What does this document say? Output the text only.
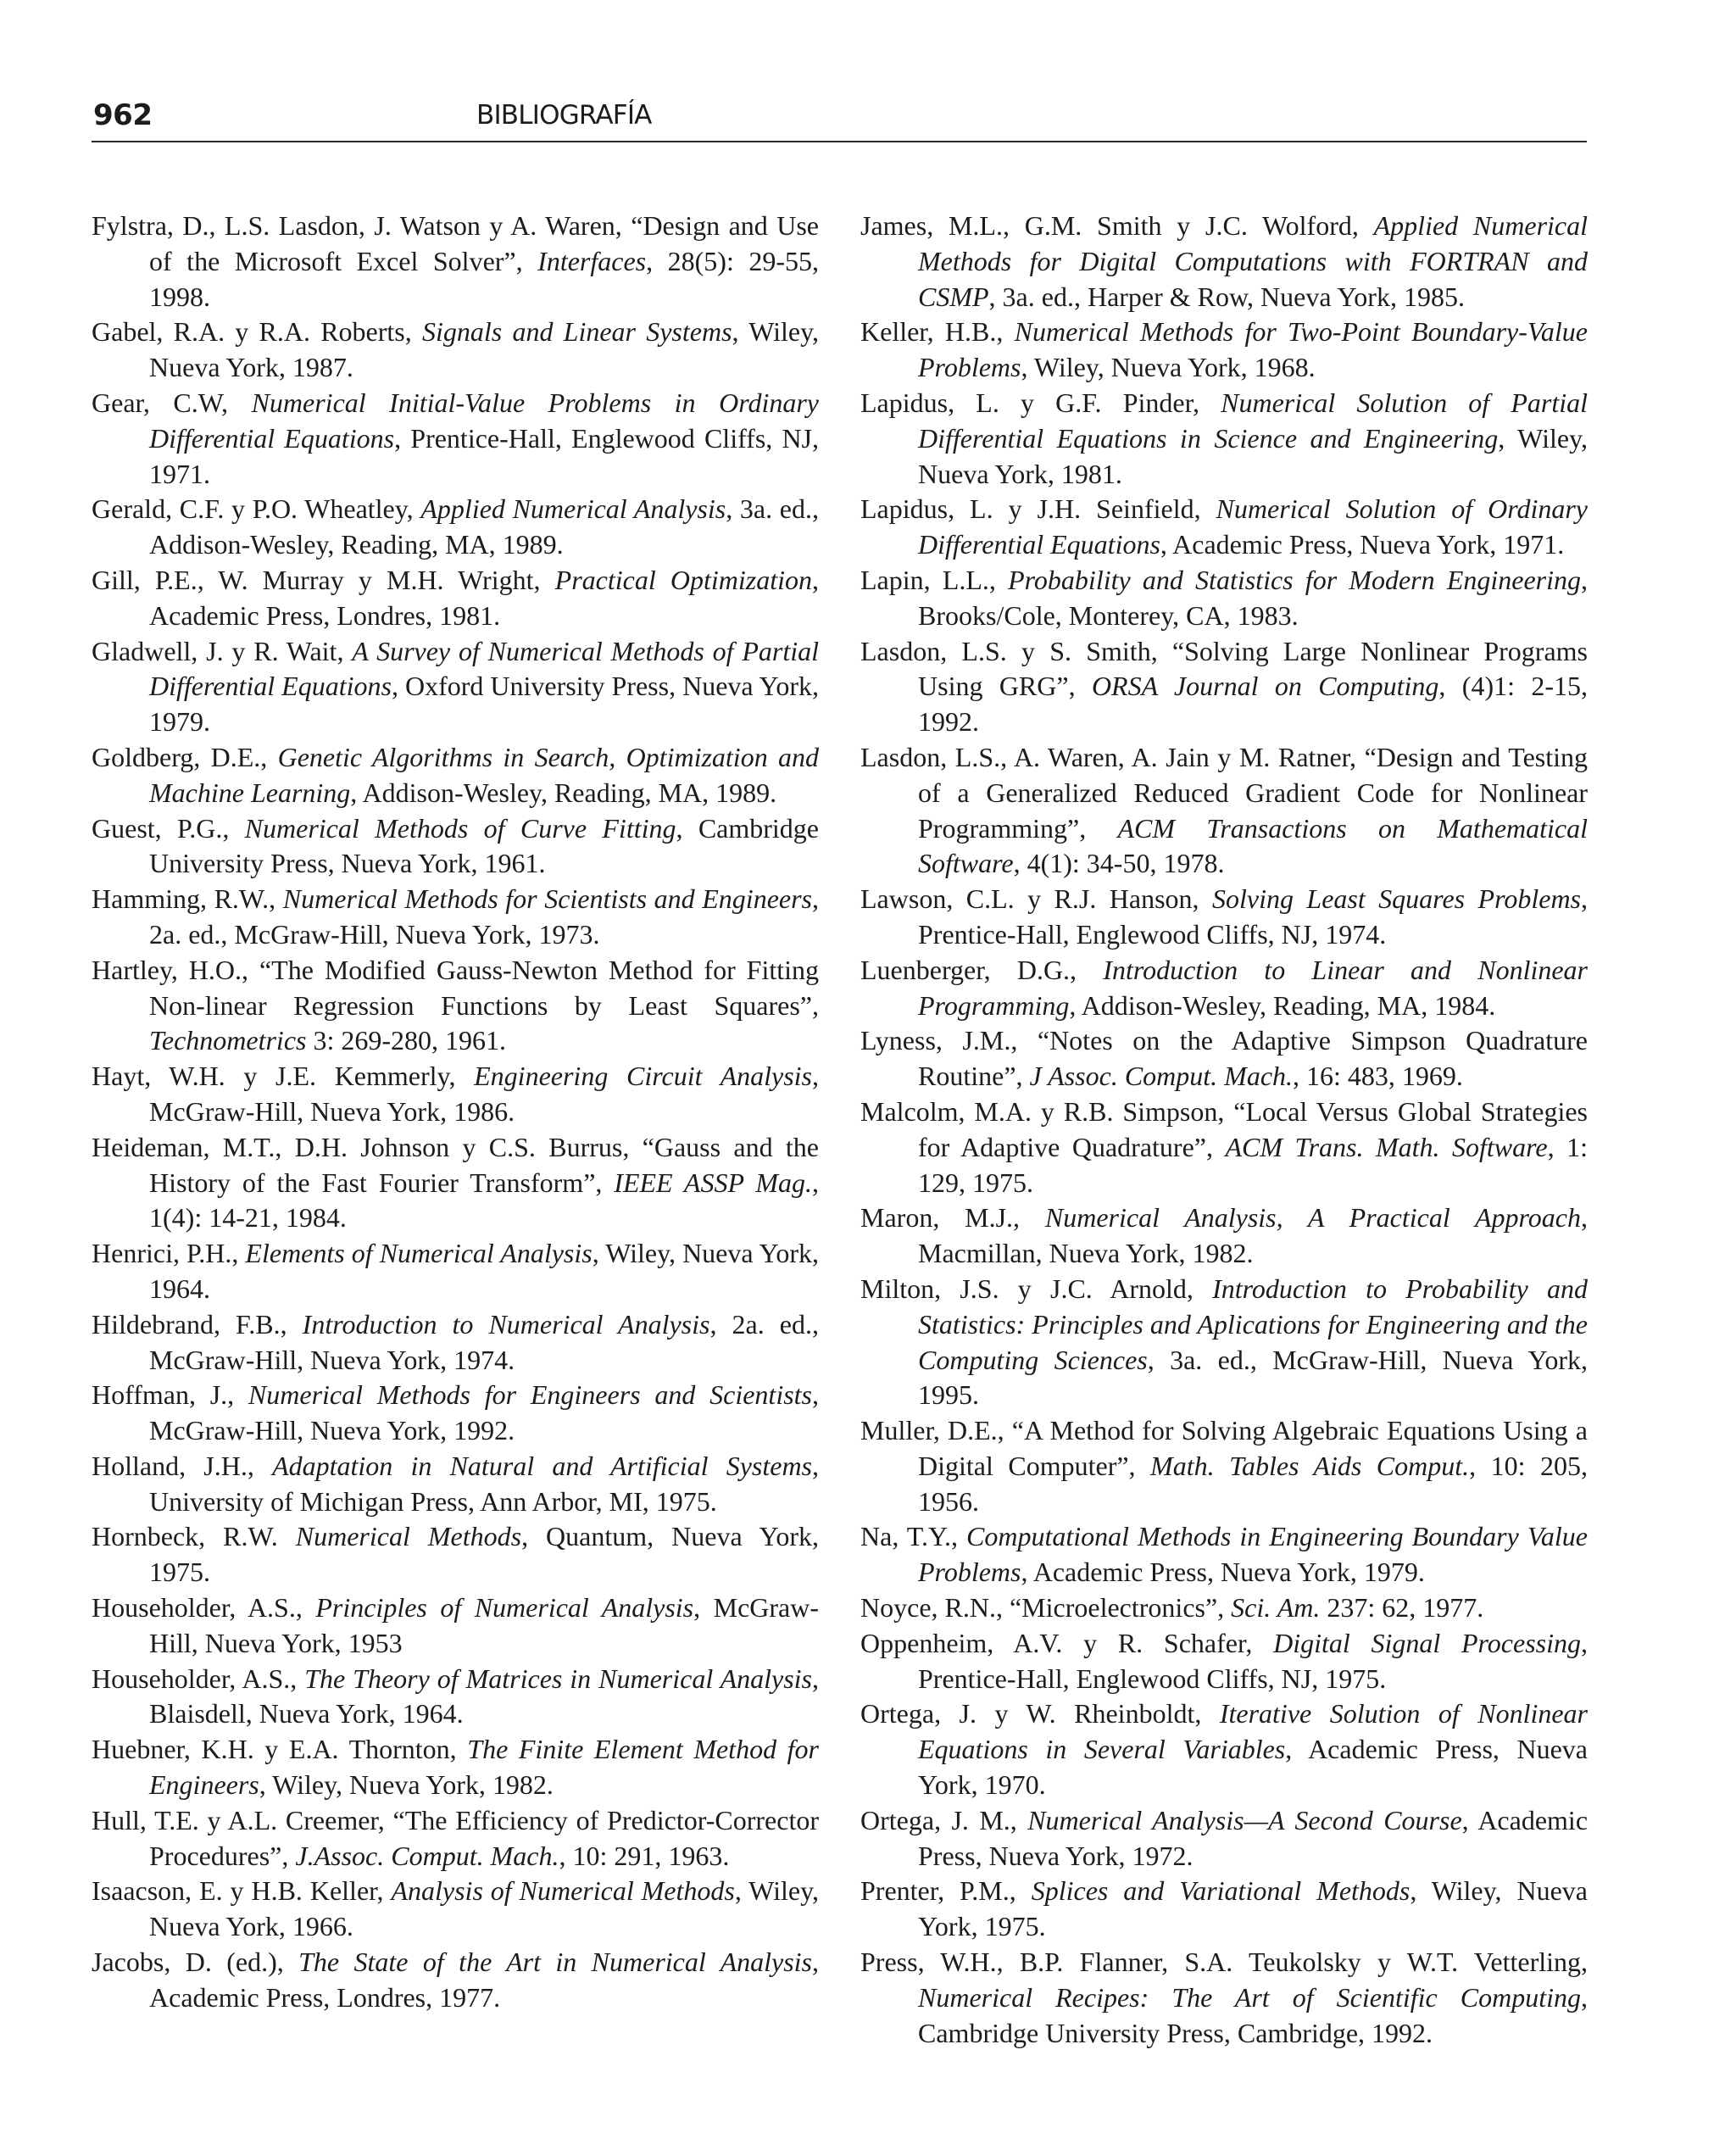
962	BIBLIOGRAFÍA
Fylstra, D., L.S. Lasdon, J. Watson y A. Waren, “Design and Use of the Microsoft Excel Solver”, Interfaces, 28(5): 29-55, 1998.
Gabel, R.A. y R.A. Roberts, Signals and Linear Systems, Wiley, Nueva York, 1987.
Gear, C.W, Numerical Initial-Value Problems in Ordinary Differential Equations, Prentice-Hall, Englewood Cliffs, NJ, 1971.
Gerald, C.F. y P.O. Wheatley, Applied Numerical Analysis, 3a. ed., Addison-Wesley, Reading, MA, 1989.
Gill, P.E., W. Murray y M.H. Wright, Practical Optimization, Academic Press, Londres, 1981.
Gladwell, J. y R. Wait, A Survey of Numerical Methods of Partial Differential Equations, Oxford University Press, Nueva York, 1979.
Goldberg, D.E., Genetic Algorithms in Search, Optimization and Machine Learning, Addison-Wesley, Reading, MA, 1989.
Guest, P.G., Numerical Methods of Curve Fitting, Cambridge University Press, Nueva York, 1961.
Hamming, R.W., Numerical Methods for Scientists and Engineers, 2a. ed., McGraw-Hill, Nueva York, 1973.
Hartley, H.O., “The Modified Gauss-Newton Method for Fitting Non-linear Regression Functions by Least Squares”, Technometrics 3: 269-280, 1961.
Hayt, W.H. y J.E. Kemmerly, Engineering Circuit Analysis, McGraw-Hill, Nueva York, 1986.
Heideman, M.T., D.H. Johnson y C.S. Burrus, “Gauss and the History of the Fast Fourier Transform”, IEEE ASSP Mag., 1(4): 14-21, 1984.
Henrici, P.H., Elements of Numerical Analysis, Wiley, Nueva York, 1964.
Hildebrand, F.B., Introduction to Numerical Analysis, 2a. ed., McGraw-Hill, Nueva York, 1974.
Hoffman, J., Numerical Methods for Engineers and Scientists, McGraw-Hill, Nueva York, 1992.
Holland, J.H., Adaptation in Natural and Artificial Systems, University of Michigan Press, Ann Arbor, MI, 1975.
Hornbeck, R.W. Numerical Methods, Quantum, Nueva York, 1975.
Householder, A.S., Principles of Numerical Analysis, McGraw-Hill, Nueva York, 1953
Householder, A.S., The Theory of Matrices in Numerical Analysis, Blaisdell, Nueva York, 1964.
Huebner, K.H. y E.A. Thornton, The Finite Element Method for Engineers, Wiley, Nueva York, 1982.
Hull, T.E. y A.L. Creemer, “The Efficiency of Predictor-Corrector Procedures”, J.Assoc. Comput. Mach., 10: 291, 1963.
Isaacson, E. y H.B. Keller, Analysis of Numerical Methods, Wiley, Nueva York, 1966.
Jacobs, D. (ed.), The State of the Art in Numerical Analysis, Academic Press, Londres, 1977.
James, M.L., G.M. Smith y J.C. Wolford, Applied Numerical Methods for Digital Computations with FORTRAN and CSMP, 3a. ed., Harper & Row, Nueva York, 1985.
Keller, H.B., Numerical Methods for Two-Point Boundary-Value Problems, Wiley, Nueva York, 1968.
Lapidus, L. y G.F. Pinder, Numerical Solution of Partial Differential Equations in Science and Engineering, Wiley, Nueva York, 1981.
Lapidus, L. y J.H. Seinfield, Numerical Solution of Ordinary Differential Equations, Academic Press, Nueva York, 1971.
Lapin, L.L., Probability and Statistics for Modern Engineering, Brooks/Cole, Monterey, CA, 1983.
Lasdon, L.S. y S. Smith, “Solving Large Nonlinear Programs Using GRG”, ORSA Journal on Computing, (4)1: 2-15, 1992.
Lasdon, L.S., A. Waren, A. Jain y M. Ratner, “Design and Testing of a Generalized Reduced Gradient Code for Nonlinear Programming”, ACM Transactions on Mathematical Software, 4(1): 34-50, 1978.
Lawson, C.L. y R.J. Hanson, Solving Least Squares Problems, Prentice-Hall, Englewood Cliffs, NJ, 1974.
Luenberger, D.G., Introduction to Linear and Nonlinear Programming, Addison-Wesley, Reading, MA, 1984.
Lyness, J.M., “Notes on the Adaptive Simpson Quadrature Routine”, J Assoc. Comput. Mach., 16: 483, 1969.
Malcolm, M.A. y R.B. Simpson, “Local Versus Global Strategies for Adaptive Quadrature”, ACM Trans. Math. Software, 1: 129, 1975.
Maron, M.J., Numerical Analysis, A Practical Approach, Macmillan, Nueva York, 1982.
Milton, J.S. y J.C. Arnold, Introduction to Probability and Statistics: Principles and Aplications for Engineering and the Computing Sciences, 3a. ed., McGraw-Hill, Nueva York, 1995.
Muller, D.E., “A Method for Solving Algebraic Equations Using a Digital Computer”, Math. Tables Aids Comput., 10: 205, 1956.
Na, T.Y., Computational Methods in Engineering Boundary Value Problems, Academic Press, Nueva York, 1979.
Noyce, R.N., “Microelectronics”, Sci. Am. 237: 62, 1977.
Oppenheim, A.V. y R. Schafer, Digital Signal Processing, Prentice-Hall, Englewood Cliffs, NJ, 1975.
Ortega, J. y W. Rheinboldt, Iterative Solution of Nonlinear Equations in Several Variables, Academic Press, Nueva York, 1970.
Ortega, J. M., Numerical Analysis—A Second Course, Academic Press, Nueva York, 1972.
Prenter, P.M., Splices and Variational Methods, Wiley, Nueva York, 1975.
Press, W.H., B.P. Flanner, S.A. Teukolsky y W.T. Vetterling, Numerical Recipes: The Art of Scientific Computing, Cambridge University Press, Cambridge, 1992.
